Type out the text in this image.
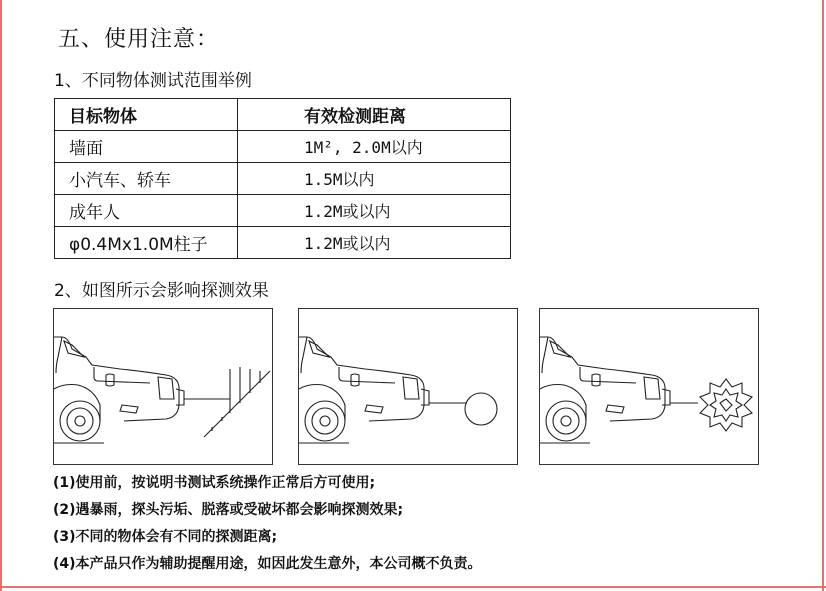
五、使用注意：
1、不同物体测试范围举例
目标物体	有效检测距离
墙面	1M², 2.0M以内
小汽车、轿车	1.5M以内
成年人	1.2M或以内
φ0.4Mx1.0M柱子	1.2M或以内
2、如图所示会影响探测效果
(1)使用前，按说明书测试系统操作正常后方可使用;
(2)遇暴雨，探头污垢、脱落或受破坏都会影响探测效果;
(3)不同的物体会有不同的探测距离;
(4)本产品只作为辅助提醒用途，如因此发生意外，本公司概不负责。
